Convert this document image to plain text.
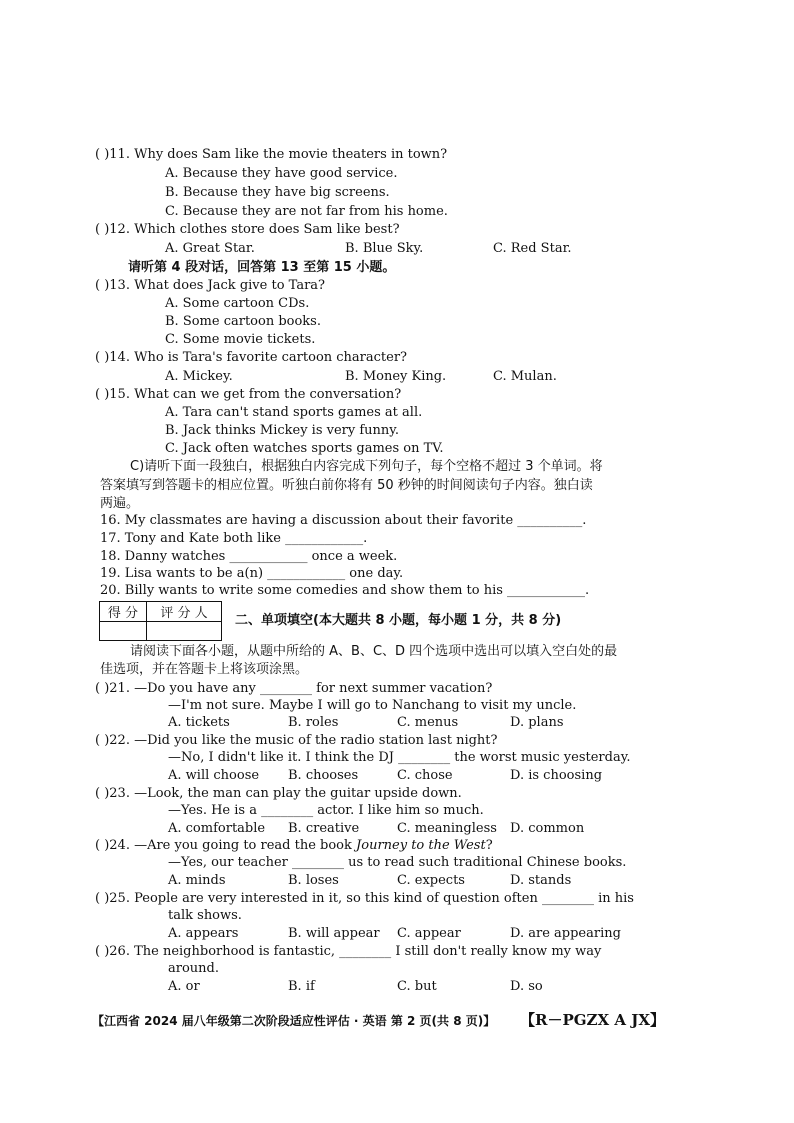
( )11. Why does Sam like the movie theaters in town?
A. Because they have good service.
B. Because they have big screens.
C. Because they are not far from his home.
( )12. Which clothes store does Sam like best?
A. Great Star.	B. Blue Sky.	C. Red Star.
请听第 4 段对话，回答第 13 至第 15 小题。
( )13. What does Jack give to Tara?
A. Some cartoon CDs.
B. Some cartoon books.
C. Some movie tickets.
( )14. Who is Tara's favorite cartoon character?
A. Mickey.	B. Money King.	C. Mulan.
( )15. What can we get from the conversation?
A. Tara can't stand sports games at all.
B. Jack thinks Mickey is very funny.
C. Jack often watches sports games on TV.
C)请听下面一段独白，根据独白内容完成下列句子，每个空格不超过 3 个单词。将
答案填写到答题卡的相应位置。听独白前你将有 50 秒钟的时间阅读句子内容。独白读
两遍。
16. My classmates are having a discussion about their favorite __________.
17. Tony and Kate both like ____________.
18. Danny watches ____________ once a week.
19. Lisa wants to be a(n) ____________ one day.
20. Billy wants to write some comedies and show them to his ____________.
得 分	评 分 人
	二、单项填空(本大题共 8 小题，每小题 1 分，共 8 分)
请阅读下面各小题，从题中所给的 A、B、C、D 四个选项中选出可以填入空白处的最
佳选项，并在答题卡上将该项涂黑。
( )21. —Do you have any ________ for next summer vacation?
—I'm not sure. Maybe I will go to Nanchang to visit my uncle.
A. tickets	B. roles	C. menus	D. plans
( )22. —Did you like the music of the radio station last night?
—No, I didn't like it. I think the DJ ________ the worst music yesterday.
A. will choose B. chooses	C. chose	D. is choosing
( )23. —Look, the man can play the guitar upside down.
—Yes. He is a ________ actor. I like him so much.
A. comfortable B. creative	C. meaningless D. common
( )24. —Are you going to read the book Journey to the West?
—Yes, our teacher ________ us to read such traditional Chinese books.
A. minds	B. loses	C. expects	D. stands
( )25. People are very interested in it, so this kind of question often ________ in his
talk shows.
A. appears	B. will appear C. appear	D. are appearing
( )26. The neighborhood is fantastic, ________ I still don't really know my way
around.
A. or	B. if	C. but	D. so
【江西省 2024 届八年级第二次阶段适应性评估 · 英语 第 2 页(共 8 页)】 【R－PGZX A JX】
